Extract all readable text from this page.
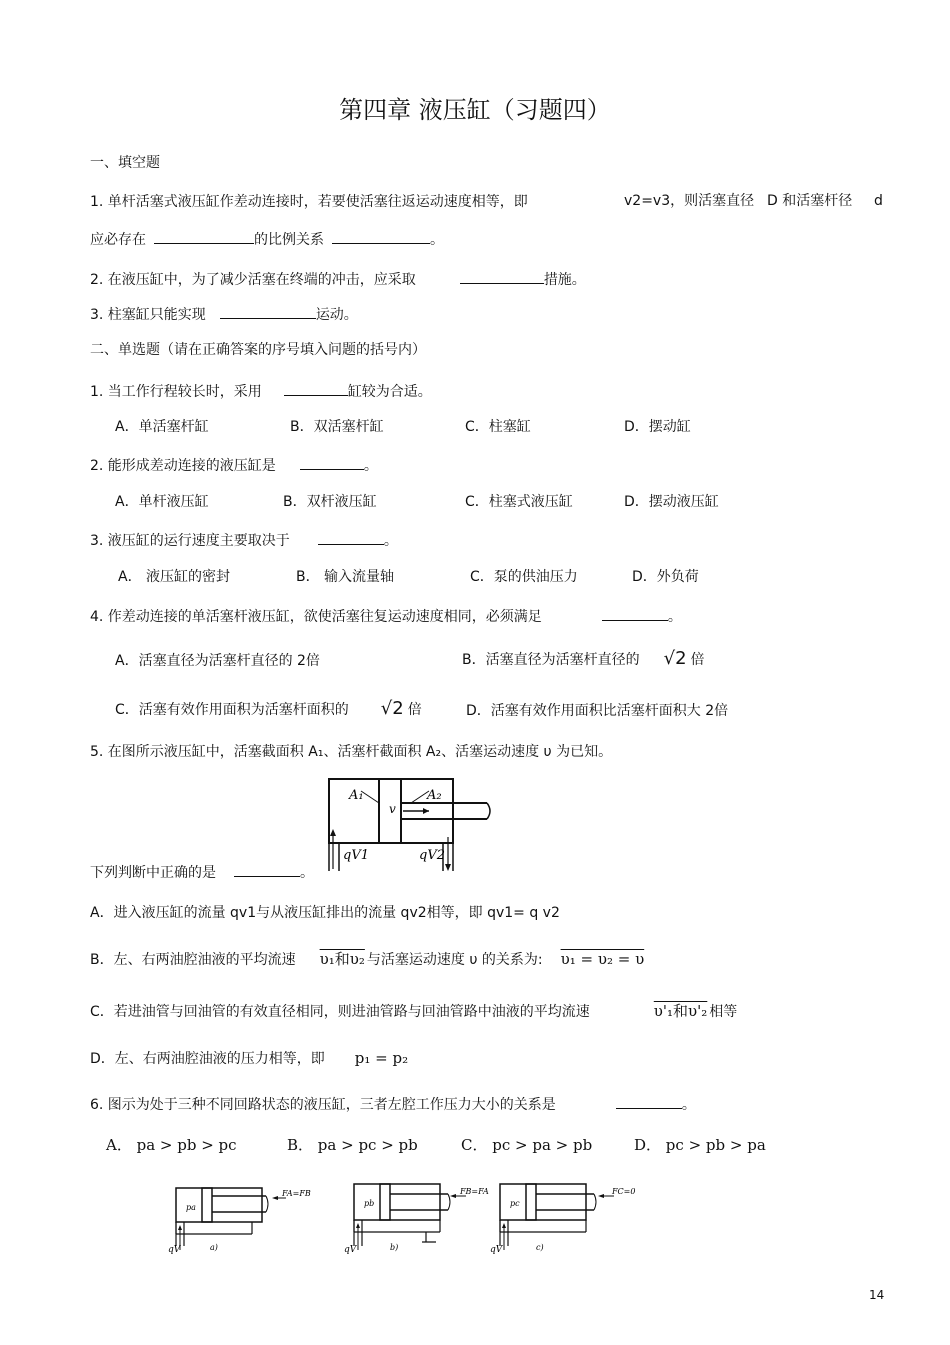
第四章 液压缸（习题四）
一、填空题
1. 单杆活塞式液压缸作差动连接时，若要使活塞往返运动速度相等，即	v2=v3，则活塞直径 D 和活塞杆径 d
应必存在	的比例关系	。
2. 在液压缸中，为了减少活塞在终端的冲击，应采取	措施。
3. 柱塞缸只能实现	运动。
二、单选题（请在正确答案的序号填入问题的括号内）
1. 当工作行程较长时，采用	缸较为合适。
A．单活塞杆缸	B．双活塞杆缸	C．柱塞缸	D．摆动缸
2. 能形成差动连接的液压缸是	。
A．单杆液压缸	B．双杆液压缸	C．柱塞式液压缸	D．摆动液压缸
3. 液压缸的运行速度主要取决于	。
A． 液压缸的密封	B． 输入流量轴	C．泵的供油压力	D．外负荷
4. 作差动连接的单活塞杆液压缸，欲使活塞往复运动速度相同，必须满足	。
A．活塞直径为活塞杆直径的 2倍	B．活塞直径为活塞杆直径的 √2 倍
C．活塞有效作用面积为活塞杆面积的 √2 倍	D．活塞有效作用面积比活塞杆面积大 2倍
5. 在图所示液压缸中，活塞截面积 A₁、活塞杆截面积 A₂、活塞运动速度 υ 为已知。
A₁
v
A₂
qV1	qV2
下列判断中正确的是	。
A．进入液压缸的流量 qv1与从液压缸排出的流量 qv2相等，即 qv1= q v2
B．左、右两油腔油液的平均流速 υ₁和υ₂ 与活塞运动速度 υ 的关系为: υ₁ = υ₂ = υ
C．若进油管与回油管的有效直径相同，则进油管路与回油管路中油液的平均流速	υ'₁和υ'₂ 相等
D．左、右两油腔油液的压力相等，即 p₁ = p₂
6. 图示为处于三种不同回路状态的液压缸，三者左腔工作压力大小的关系是	。
A． pa > pb > pc	B． pa > pc > pb	C． pc > pa > pb	D． pc > pb > pa
pa
FA=FB
qV	a)
pb
FB=FA
qV	b)
pc
FC=0
qV	c)
14
